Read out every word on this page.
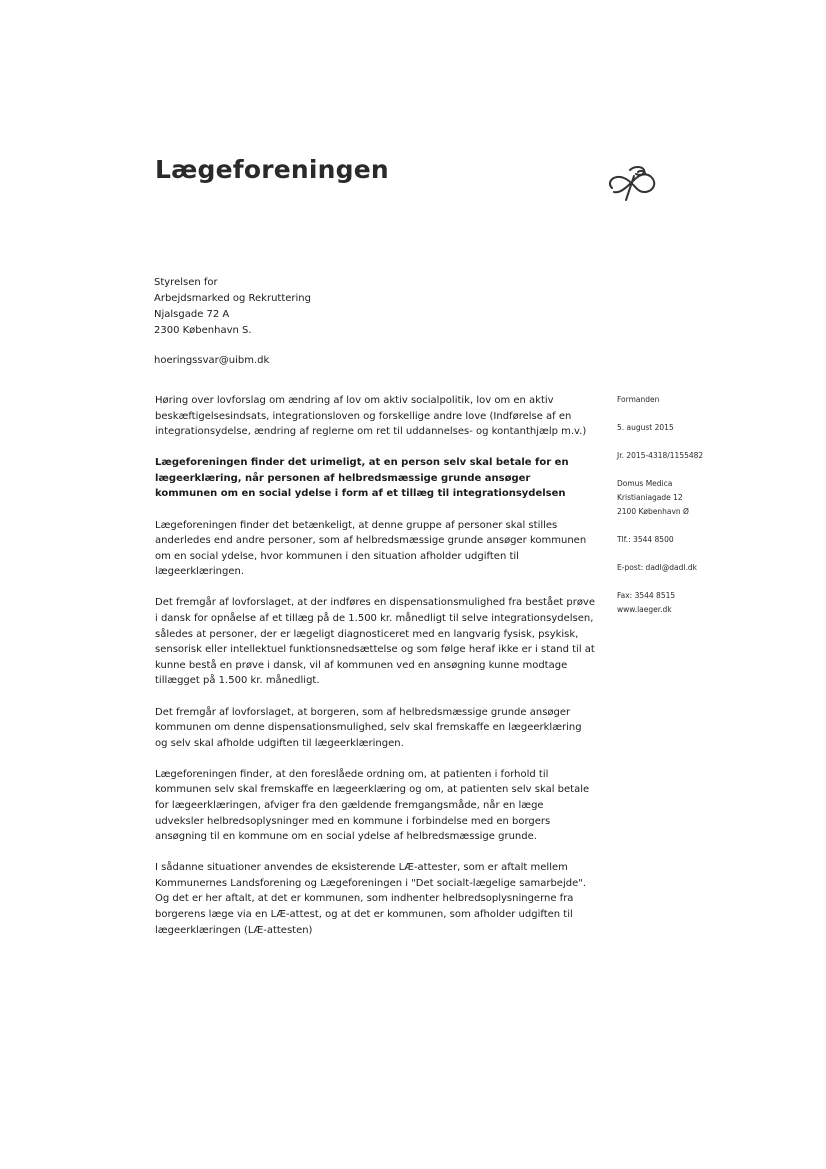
Lægeforeningen
Styrelsen for
Arbejdsmarked og Rekruttering
Njalsgade 72 A
2300 København S.
hoeringssvar@uibm.dk

Høring over lovforslag om ændring af lov om aktiv socialpolitik, lov om en aktiv beskæftigelsesindsats, integrationsloven og forskellige andre love (Indførelse af en integrationsydelse, ændring af reglerne om ret til uddannelses- og kontanthjælp m.v.)

Lægeforeningen finder det urimeligt, at en person selv skal betale for en lægeerklæring, når personen af helbredsmæssige grunde ansøger kommunen om en social ydelse i form af et tillæg til integrationsydelsen

Lægeforeningen finder det betænkeligt, at denne gruppe af personer skal stilles anderledes end andre personer, som af helbredsmæssige grunde ansøger kommunen om en social ydelse, hvor kommunen i den situation afholder udgiften til lægeerklæringen.

Det fremgår af lovforslaget, at der indføres en dispensationsmulighed fra bestået prøve i dansk for opnåelse af et tillæg på de 1.500 kr. månedligt til selve integrationsydelsen, således at personer, der er lægeligt diagnosticeret med en langvarig fysisk, psykisk, sensorisk eller intellektuel funktionsnedsættelse og som følge heraf ikke er i stand til at kunne bestå en prøve i dansk, vil af kommunen ved en ansøgning kunne modtage tillægget på 1.500 kr. månedligt.

Det fremgår af lovforslaget, at borgeren, som af helbredsmæssige grunde ansøger kommunen om denne dispensationsmulighed, selv skal fremskaffe en lægeerklæring og selv skal afholde udgiften til lægeerklæringen.

Lægeforeningen finder, at den foreslåede ordning om, at patienten i forhold til kommunen selv skal fremskaffe en lægeerklæring og om, at patienten selv skal betale for lægeerklæringen, afviger fra den gældende fremgangsmåde, når en læge udveksler helbredsoplysninger med en kommune i forbindelse med en borgers ansøgning til en kommune om en social ydelse af helbredsmæssige grunde.

I sådanne situationer anvendes de eksisterende LÆ-attester, som er aftalt mellem Kommunernes Landsforening og Lægeforeningen i "Det socialt-lægelige samarbejde". Og det er her aftalt, at det er kommunen, som indhenter helbredsoplysningerne fra borgerens læge via en LÆ-attest, og at det er kommunen, som afholder udgiften til lægeerklæringen (LÆ-attesten)

Formanden
5. august 2015
Jr. 2015-4318/1155482
Domus Medica
Kristianiagade 12
2100 København Ø
Tlf.: 3544 8500
E-post: dadl@dadl.dk
Fax: 3544 8515
www.laeger.dk
